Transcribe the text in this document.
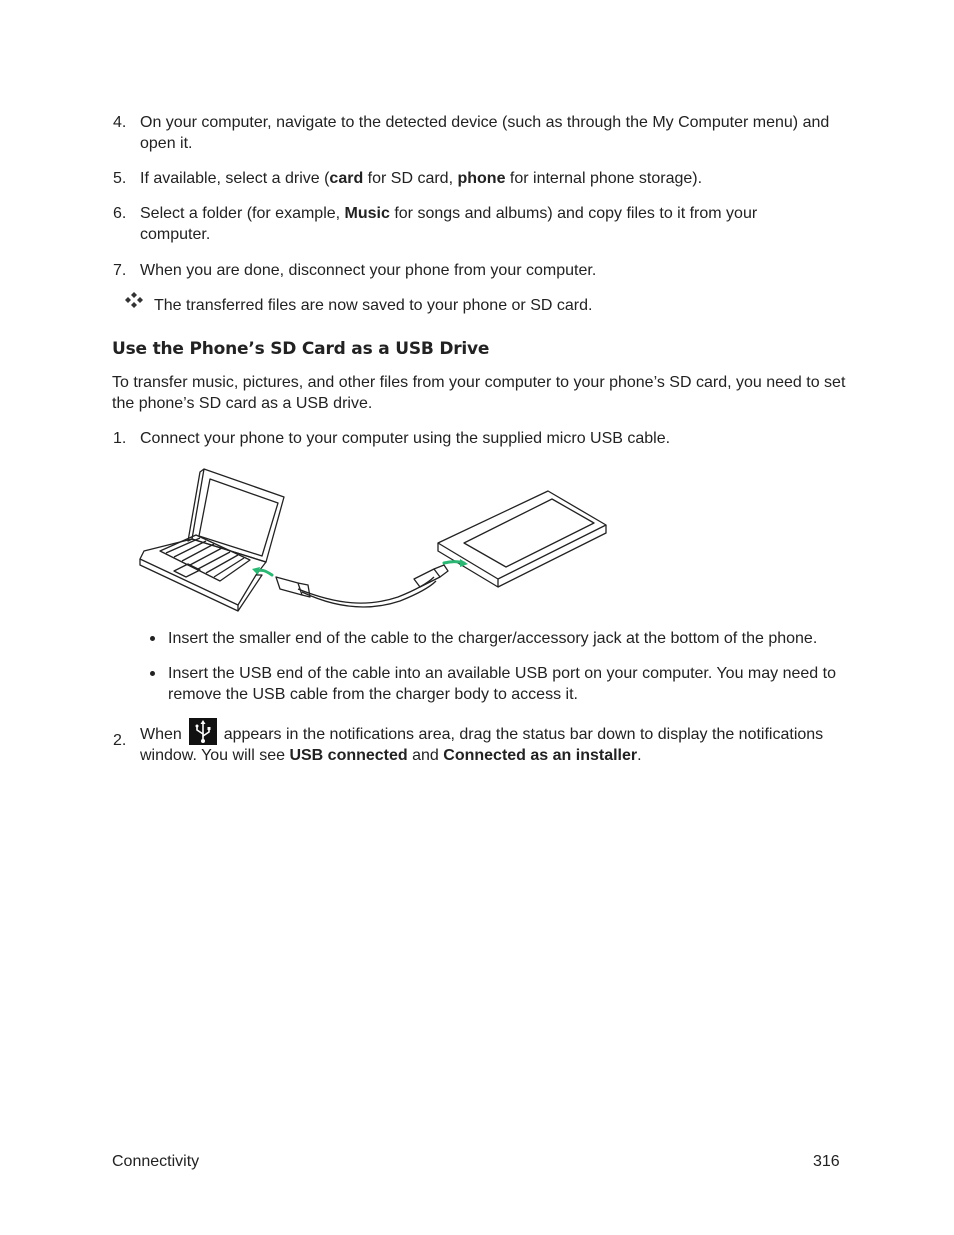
4. On your computer, navigate to the detected device (such as through the My Computer menu) and open it.
5. If available, select a drive (card for SD card, phone for internal phone storage).
6. Select a folder (for example, Music for songs and albums) and copy files to it from your computer.
7. When you are done, disconnect your phone from your computer.
The transferred files are now saved to your phone or SD card.
Use the Phone’s SD Card as a USB Drive
To transfer music, pictures, and other files from your computer to your phone’s SD card, you need to set the phone’s SD card as a USB drive.
1. Connect your phone to your computer using the supplied micro USB cable.
Insert the smaller end of the cable to the charger/accessory jack at the bottom of the phone.
Insert the USB end of the cable into an available USB port on your computer. You may need to remove the USB cable from the charger body to access it.
2. When  appears in the notifications area, drag the status bar down to display the notifications window. You will see USB connected and Connected as an installer.
Connectivity	316
